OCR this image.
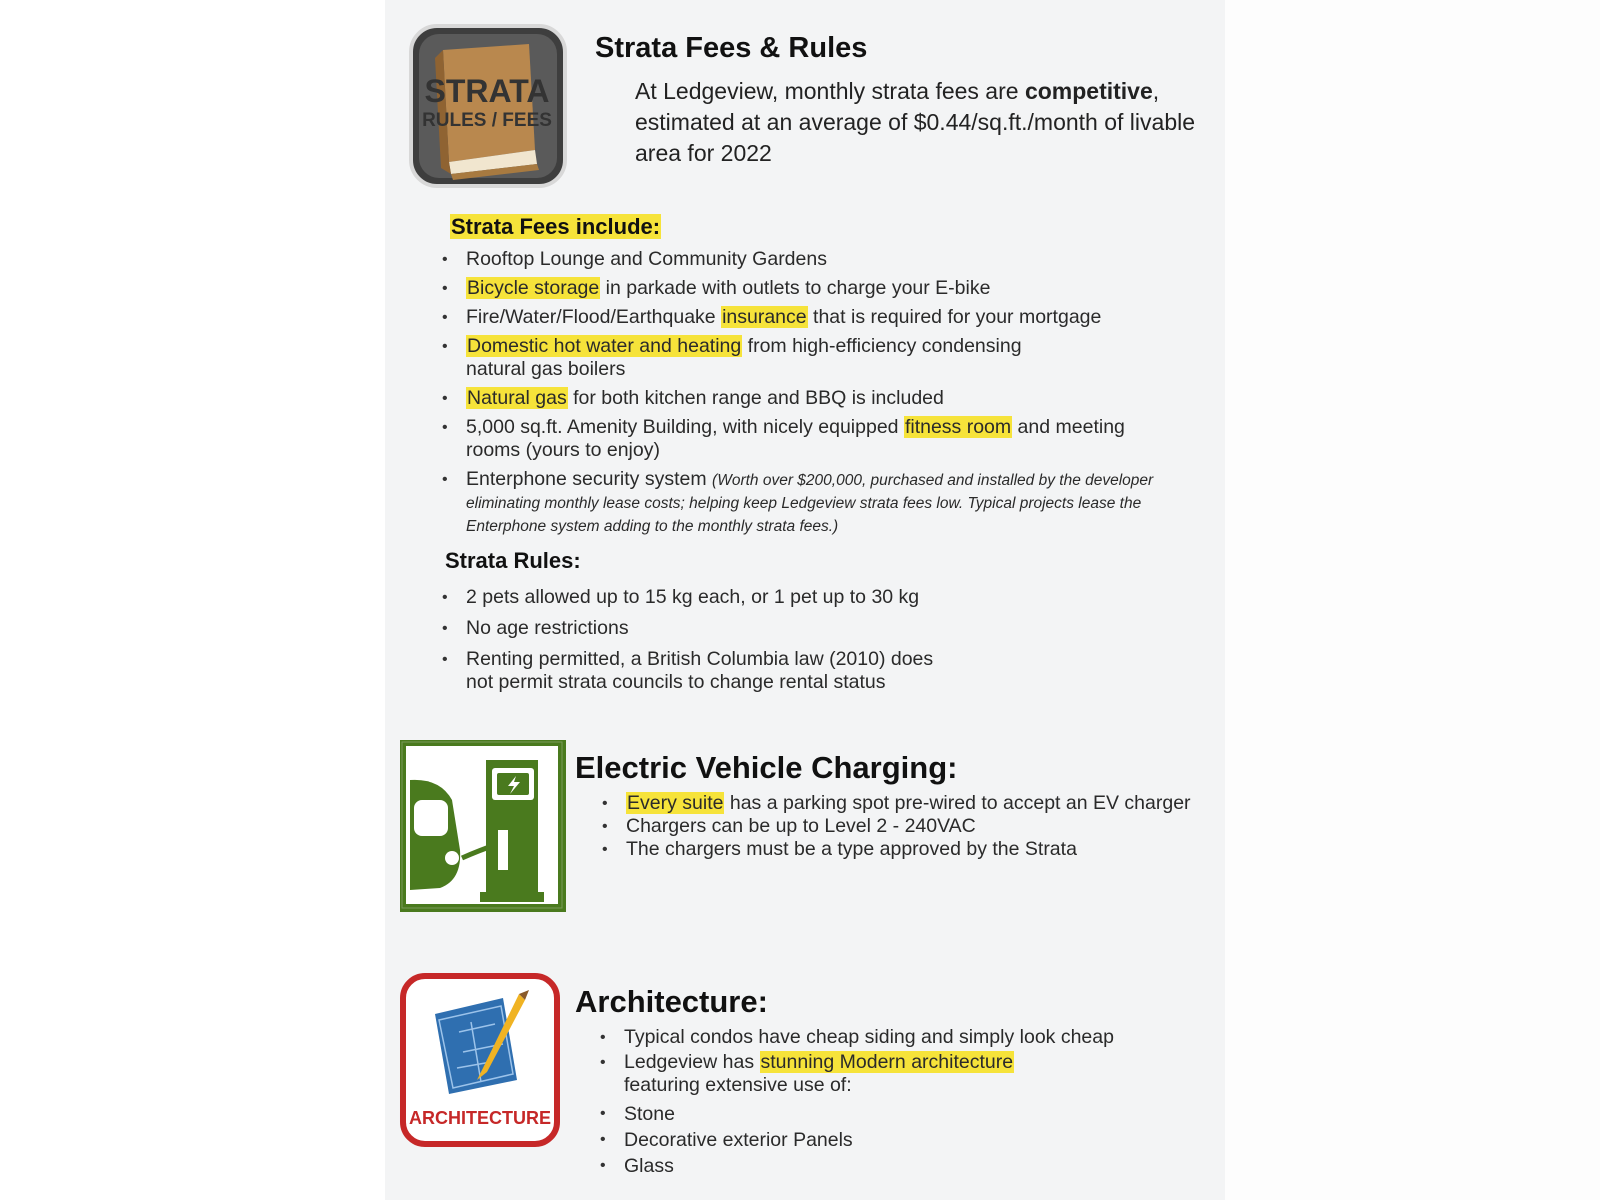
STRATA
RULES / FEES
Strata Fees & Rules

At Ledgeview, monthly strata fees are competitive, estimated at an average of $0.44/sq.ft./month of livable area for 2022

Strata Fees include:
• Rooftop Lounge and Community Gardens
• Bicycle storage in parkade with outlets to charge your E-bike
• Fire/Water/Flood/Earthquake insurance that is required for your mortgage
• Domestic hot water and heating from high-efficiency condensing natural gas boilers
• Natural gas for both kitchen range and BBQ is included
• 5,000 sq.ft. Amenity Building, with nicely equipped fitness room and meeting rooms (yours to enjoy)
• Enterphone security system (Worth over $200,000, purchased and installed by the developer eliminating monthly lease costs; helping keep Ledgeview strata fees low. Typical projects lease the Enterphone system adding to the monthly strata fees.)
Strata Rules:
• 2 pets allowed up to 15 kg each, or 1 pet up to 30 kg
• No age restrictions
• Renting permitted, a British Columbia law (2010) does not permit strata councils to change rental status
Electric Vehicle Charging:
• Every suite has a parking spot pre-wired to accept an EV charger
• Chargers can be up to Level 2 - 240VAC
• The chargers must be a type approved by the Strata
ARCHITECTURE
Architecture:
• Typical condos have cheap siding and simply look cheap
• Ledgeview has stunning Modern architecture
featuring extensive use of:
• Stone
• Decorative exterior Panels
• Glass
